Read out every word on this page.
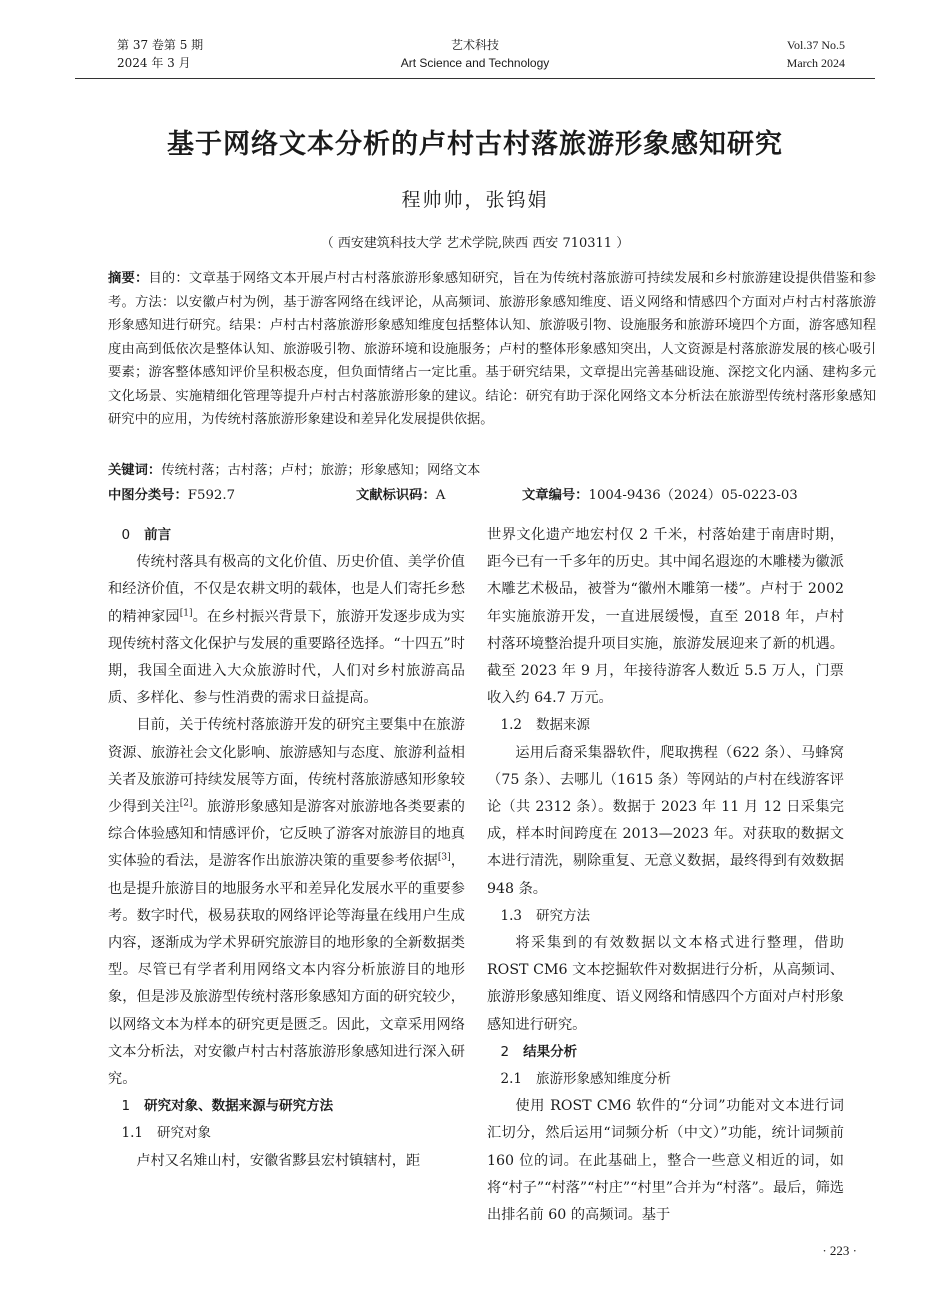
第 37 卷第 5 期
2024 年 3 月
艺术科技
Art Science and Technology
Vol.37 No.5
March 2024
基于网络文本分析的卢村古村落旅游形象感知研究
程帅帅，张钨娟
（ 西安建筑科技大学 艺术学院,陕西 西安 710311 ）
摘要：目的：文章基于网络文本开展卢村古村落旅游形象感知研究，旨在为传统村落旅游可持续发展和乡村旅游建设提供借鉴和参考。方法：以安徽卢村为例，基于游客网络在线评论，从高频词、旅游形象感知维度、语义网络和情感四个方面对卢村古村落旅游形象感知进行研究。结果：卢村古村落旅游形象感知维度包括整体认知、旅游吸引物、设施服务和旅游环境四个方面，游客感知程度由高到低依次是整体认知、旅游吸引物、旅游环境和设施服务；卢村的整体形象感知突出，人文资源是村落旅游发展的核心吸引要素；游客整体感知评价呈积极态度，但负面情绪占一定比重。基于研究结果，文章提出完善基础设施、深挖文化内涵、建构多元文化场景、实施精细化管理等提升卢村古村落旅游形象的建议。结论：研究有助于深化网络文本分析法在旅游型传统村落形象感知研究中的应用，为传统村落旅游形象建设和差异化发展提供依据。
关键词：传统村落；古村落；卢村；旅游；形象感知；网络文本
中图分类号：F592.7	文献标识码：A	文章编号：1004-9436（2024）05-0223-03
0 前言

传统村落具有极高的文化价值、历史价值、美学价值和经济价值，不仅是农耕文明的载体，也是人们寄托乡愁的精神家园[1]。在乡村振兴背景下，旅游开发逐步成为实现传统村落文化保护与发展的重要路径选择。“十四五”时期，我国全面进入大众旅游时代，人们对乡村旅游高品质、多样化、参与性消费的需求日益提高。

目前，关于传统村落旅游开发的研究主要集中在旅游资源、旅游社会文化影响、旅游感知与态度、旅游利益相关者及旅游可持续发展等方面，传统村落旅游感知形象较少得到关注[2]。旅游形象感知是游客对旅游地各类要素的综合体验感知和情感评价，它反映了游客对旅游目的地真实体验的看法，是游客作出旅游决策的重要参考依据[3]，也是提升旅游目的地服务水平和差异化发展水平的重要参考。数字时代，极易获取的网络评论等海量在线用户生成内容，逐渐成为学术界研究旅游目的地形象的全新数据类型。尽管已有学者利用网络文本内容分析旅游目的地形象，但是涉及旅游型传统村落形象感知方面的研究较少，以网络文本为样本的研究更是匮乏。因此，文章采用网络文本分析法，对安徽卢村古村落旅游形象感知进行深入研究。

1 研究对象、数据来源与研究方法
1.1 研究对象

卢村又名雉山村，安徽省黟县宏村镇辖村，距

世界文化遗产地宏村仅 2 千米，村落始建于南唐时期，距今已有一千多年的历史。其中闻名遐迩的木雕楼为徽派木雕艺术极品，被誉为“徽州木雕第一楼”。卢村于 2002 年实施旅游开发，一直进展缓慢，直至 2018 年，卢村村落环境整治提升项目实施，旅游发展迎来了新的机遇。截至 2023 年 9 月，年接待游客人数近 5.5 万人，门票收入约 64.7 万元。

1.2 数据来源

运用后裔采集器软件，爬取携程（622 条）、马蜂窝（75 条）、去哪儿（1615 条）等网站的卢村在线游客评论（共 2312 条）。数据于 2023 年 11 月 12 日采集完成，样本时间跨度在 2013—2023 年。对获取的数据文本进行清洗，剔除重复、无意义数据，最终得到有效数据 948 条。

1.3 研究方法

将采集到的有效数据以文本格式进行整理，借助 ROST CM6 文本挖掘软件对数据进行分析，从高频词、旅游形象感知维度、语义网络和情感四个方面对卢村形象感知进行研究。

2 结果分析
2.1 旅游形象感知维度分析

使用 ROST CM6 软件的“分词”功能对文本进行词汇切分，然后运用“词频分析（中文）”功能，统计词频前 160 位的词。在此基础上，整合一些意义相近的词，如将“村子”“村落”“村庄”“村里”合并为“村落”。最后，筛选出排名前 60 的高频词。基于

· 223 ·
